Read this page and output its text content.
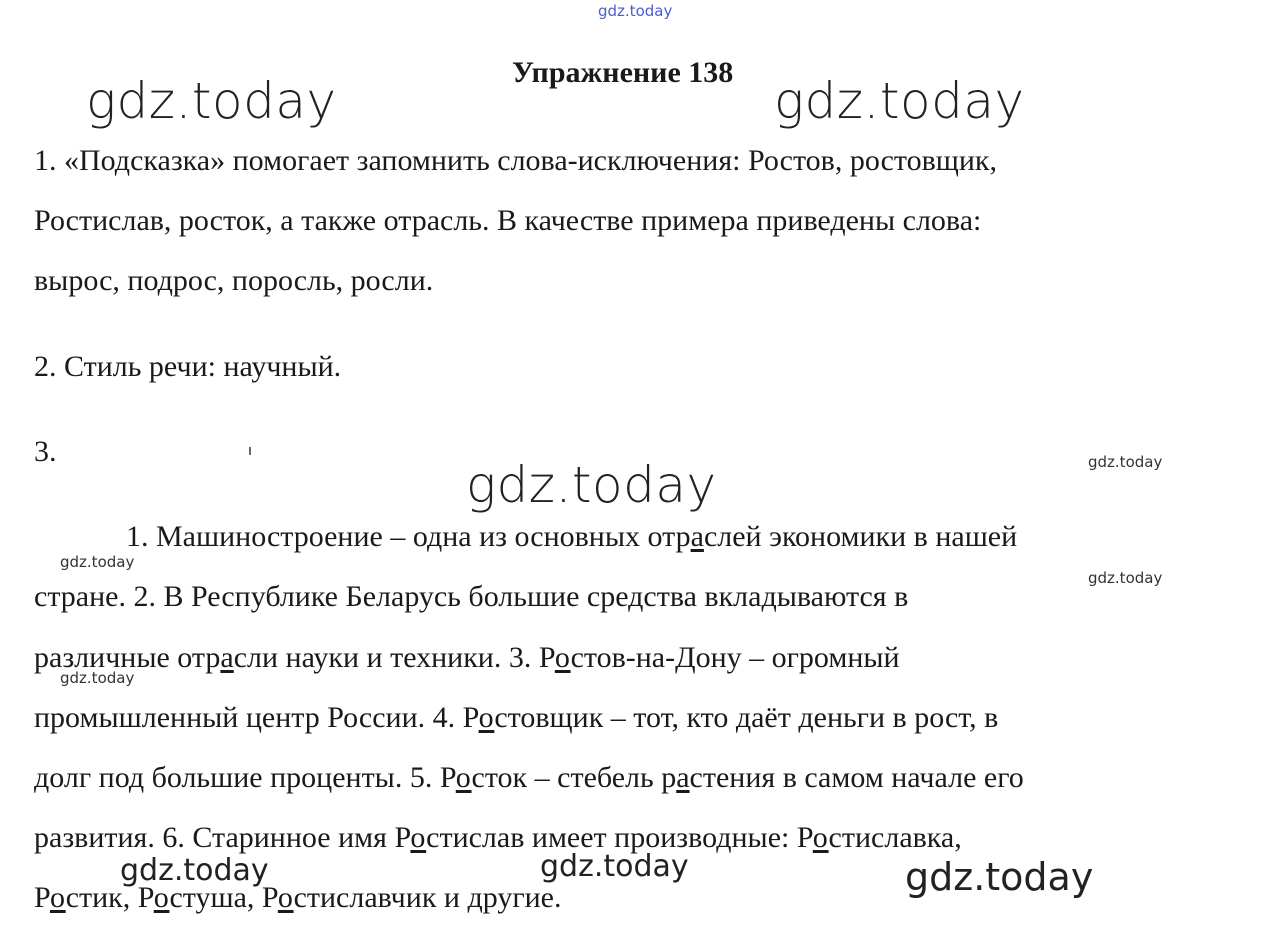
gdz.today
gdz.today	gdz.today
gdz.today	gdz.today
gdz.today
gdz.today
gdz.today
gdz.today	gdz.today	gdz.today
Упражнение 138
1. «Подсказка» помогает запомнить слова-исключения: Ростов, ростовщик,
Ростислав, росток, а также отрасль. В качестве примера приведены слова:
вырос, подрос, поросль, росли.
2. Стиль речи: научный.
3.
1. Машиностроение – одна из основных отраслей экономики в нашей
стране. 2. В Республике Беларусь большие средства вкладываются в
различные отрасли науки и техники. 3. Ростов-на-Дону – огромный
промышленный центр России. 4. Ростовщик – тот, кто даёт деньги в рост, в
долг под большие проценты. 5. Росток – стебель растения в самом начале его
развития. 6. Старинное имя Ростислав имеет производные: Ростиславка,
Ростик, Ростуша, Ростиславчик и другие.
